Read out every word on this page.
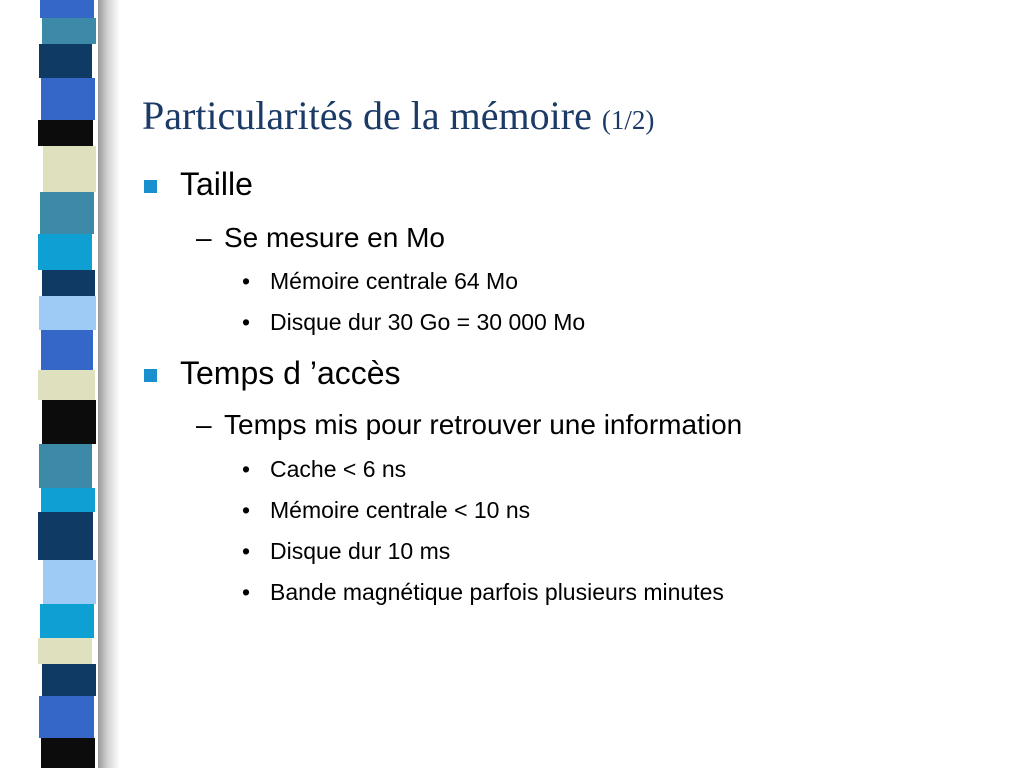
Particularités de la mémoire (1/2)
Taille
– Se mesure en Mo
• Mémoire centrale 64 Mo
• Disque dur 30 Go = 30 000 Mo
Temps d ’accès
– Temps mis pour retrouver une information
• Cache < 6 ns
• Mémoire centrale < 10 ns
• Disque dur 10 ms
• Bande magnétique parfois plusieurs minutes
